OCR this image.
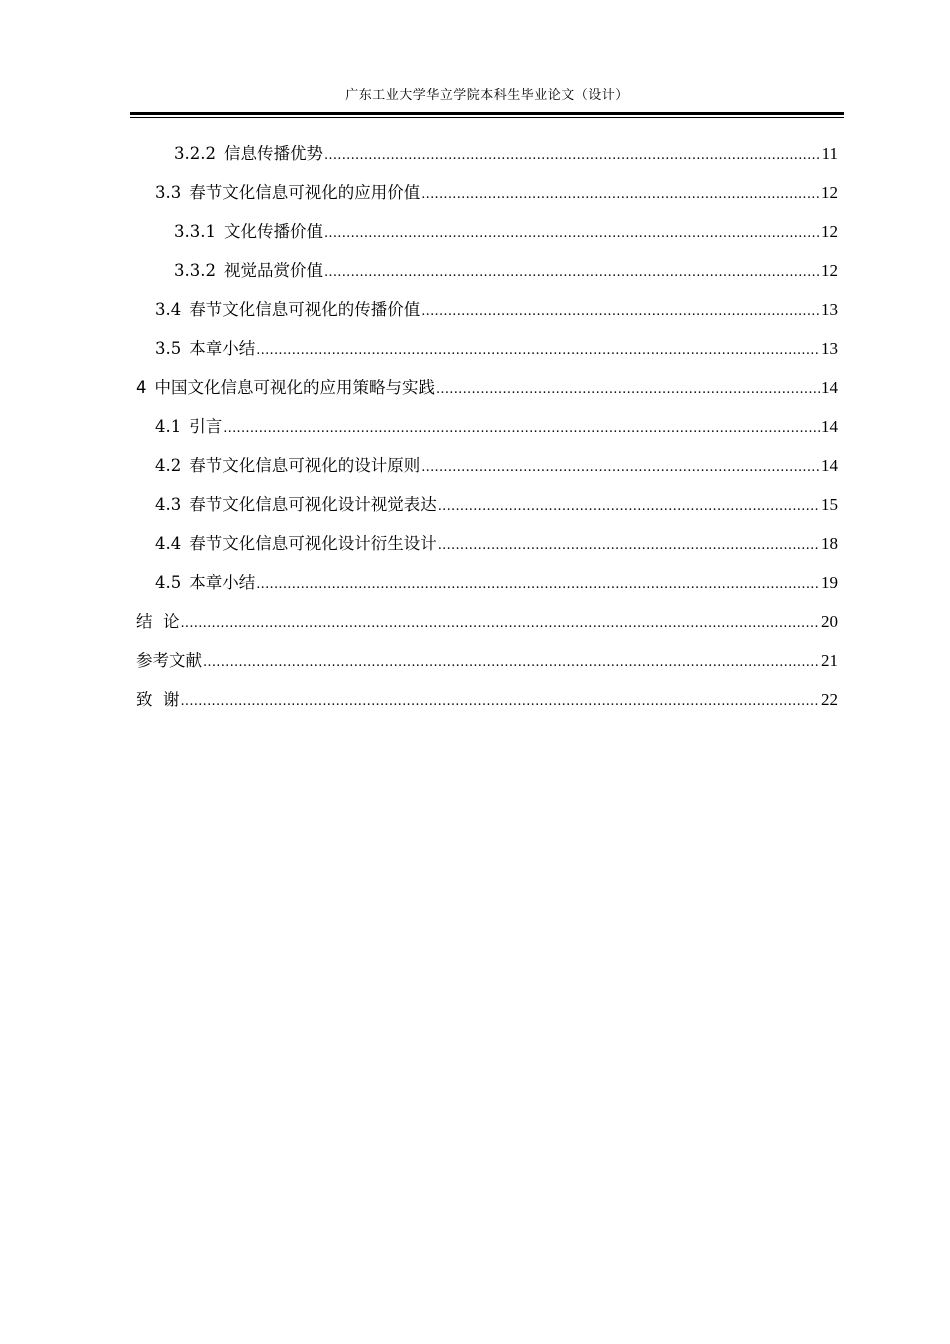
广东工业大学华立学院本科生毕业论文（设计）
3.2.2 信息传播优势 .....	11
3.3 春节文化信息可视化的应用价值 .....	12
3.3.1 文化传播价值 .....	12
3.3.2 视觉品赏价值 .....	12
3.4 春节文化信息可视化的传播价值 .....	13
3.5 本章小结 .....	13
4 中国文化信息可视化的应用策略与实践 .....	14
4.1 引言 .....	14
4.2 春节文化信息可视化的设计原则 .....	14
4.3 春节文化信息可视化设计视觉表达 .....	15
4.4 春节文化信息可视化设计衍生设计 .....	18
4.5 本章小结 .....	19
结  论 .....	20
参考文献 .....	21
致  谢 .....	22
